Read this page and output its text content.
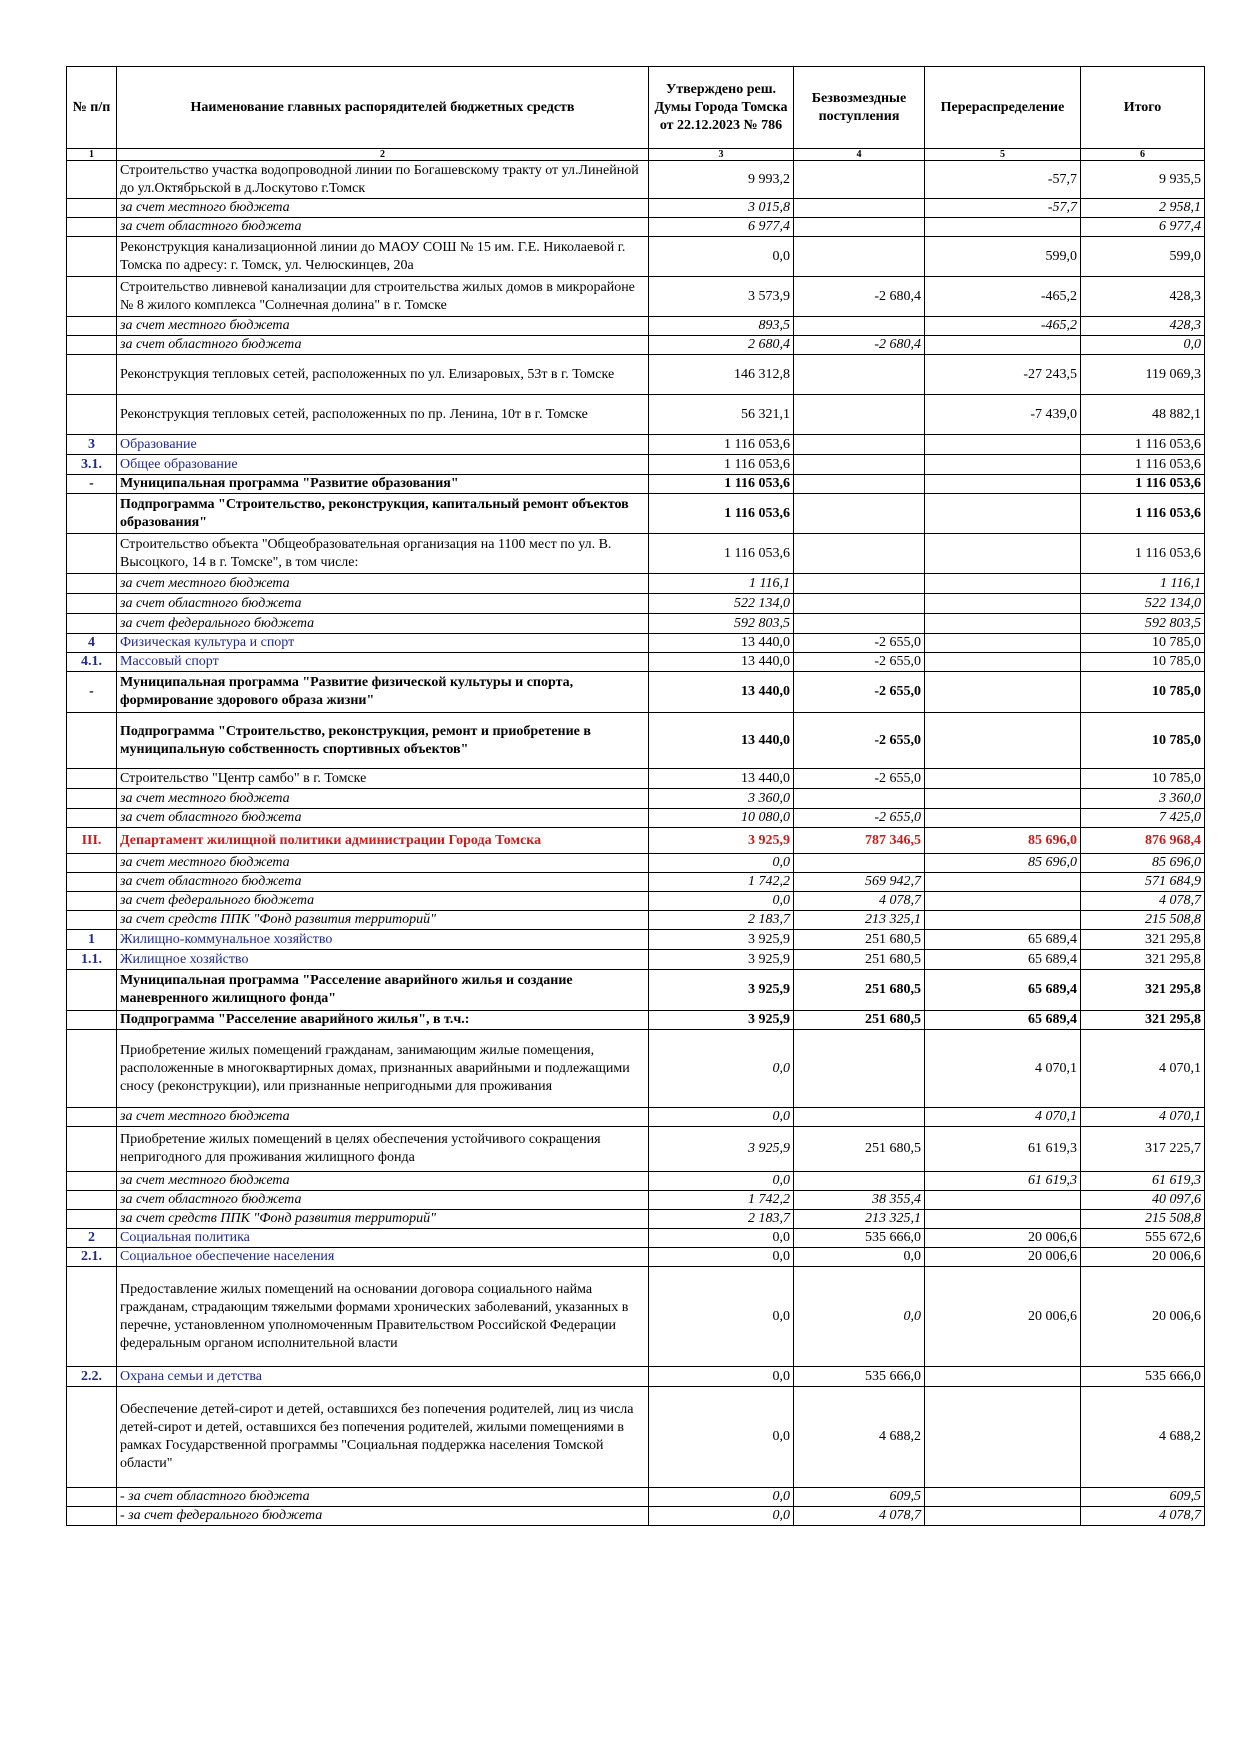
№ п/п	Наименование главных распорядителей бюджетных средств	Утверждено реш. Думы Города Томска от 22.12.2023 № 786	Безвозмездные поступления	Перераспределение	Итого
1	2	3	4	5	6
	Строительство участка водопроводной линии по Богашевскому тракту от ул.Линейной до ул.Октябрьской в д.Лоскутово г.Томск	9 993,2		-57,7	9 935,5
	за счет местного бюджета	3 015,8		-57,7	2 958,1
	за счет областного бюджета	6 977,4			6 977,4
	Реконструкция канализационной линии до МАОУ СОШ № 15 им. Г.Е. Николаевой г. Томска по адресу: г. Томск, ул. Челюскинцев, 20а	0,0		599,0	599,0
	Строительство ливневой канализации для строительства жилых домов в микрорайоне № 8 жилого комплекса "Солнечная долина" в г. Томске	3 573,9	-2 680,4	-465,2	428,3
	за счет местного бюджета	893,5		-465,2	428,3
	за счет областного бюджета	2 680,4	-2 680,4		0,0
	Реконструкция тепловых сетей, расположенных по ул. Елизаровых, 53т в г. Томске	146 312,8		-27 243,5	119 069,3
	Реконструкция тепловых сетей, расположенных по пр. Ленина, 10т в г. Томске	56 321,1		-7 439,0	48 882,1
3	Образование	1 116 053,6			1 116 053,6
3.1.	Общее образование	1 116 053,6			1 116 053,6
-	Муниципальная программа "Развитие образования"	1 116 053,6			1 116 053,6
	Подпрограмма "Строительство, реконструкция, капитальный ремонт объектов образования"	1 116 053,6			1 116 053,6
	Строительство объекта "Общеобразовательная организация на 1100 мест по ул. В. Высоцкого, 14 в г. Томске", в том числе:	1 116 053,6			1 116 053,6
	за счет местного бюджета	1 116,1			1 116,1
	за счет областного бюджета	522 134,0			522 134,0
	за счет федерального бюджета	592 803,5			592 803,5
4	Физическая культура и спорт	13 440,0	-2 655,0		10 785,0
4.1.	Массовый спорт	13 440,0	-2 655,0		10 785,0
-	Муниципальная программа "Развитие физической культуры и спорта, формирование здорового образа жизни"	13 440,0	-2 655,0		10 785,0
	Подпрограмма "Строительство, реконструкция, ремонт и приобретение в муниципальную собственность спортивных объектов"	13 440,0	-2 655,0		10 785,0
	Строительство "Центр самбо" в г. Томске	13 440,0	-2 655,0		10 785,0
	за счет местного бюджета	3 360,0			3 360,0
	за счет областного бюджета	10 080,0	-2 655,0		7 425,0
III.	Департамент жилищной политики администрации Города Томска	3 925,9	787 346,5	85 696,0	876 968,4
	за счет местного бюджета	0,0		85 696,0	85 696,0
	за счет областного бюджета	1 742,2	569 942,7		571 684,9
	за счет федерального бюджета	0,0	4 078,7		4 078,7
	за счет средств ППК "Фонд развития территорий"	2 183,7	213 325,1		215 508,8
1	Жилищно-коммунальное хозяйство	3 925,9	251 680,5	65 689,4	321 295,8
1.1.	Жилищное хозяйство	3 925,9	251 680,5	65 689,4	321 295,8
	Муниципальная программа "Расселение аварийного жилья и создание маневренного жилищного фонда"	3 925,9	251 680,5	65 689,4	321 295,8
	Подпрограмма "Расселение аварийного жилья", в т.ч.:	3 925,9	251 680,5	65 689,4	321 295,8
	Приобретение жилых помещений гражданам, занимающим жилые помещения, расположенные в многоквартирных домах, признанных аварийными и подлежащими сносу (реконструкции), или признанные непригодными для проживания	0,0		4 070,1	4 070,1
	за счет местного бюджета	0,0		4 070,1	4 070,1
	Приобретение жилых помещений в целях обеспечения устойчивого сокращения непригодного для проживания жилищного фонда	3 925,9	251 680,5	61 619,3	317 225,7
	за счет местного бюджета	0,0		61 619,3	61 619,3
	за счет областного бюджета	1 742,2	38 355,4		40 097,6
	за счет средств ППК "Фонд развития территорий"	2 183,7	213 325,1		215 508,8
2	Социальная политика	0,0	535 666,0	20 006,6	555 672,6
2.1.	Социальное обеспечение населения	0,0	0,0	20 006,6	20 006,6
	Предоставление жилых помещений на основании договора социального найма гражданам, страдающим тяжелыми формами хронических заболеваний, указанных в перечне, установленном уполномоченным Правительством Российской Федерации федеральным органом исполнительной власти	0,0	0,0	20 006,6	20 006,6
2.2.	Охрана семьи и детства	0,0	535 666,0		535 666,0
	Обеспечение детей-сирот и детей, оставшихся без попечения родителей, лиц из числа детей-сирот и детей, оставшихся без попечения родителей, жилыми помещениями в рамках Государственной программы "Социальная поддержка населения Томской области"	0,0	4 688,2		4 688,2
	- за счет областного бюджета	0,0	609,5		609,5
	- за счет федерального бюджета	0,0	4 078,7		4 078,7
